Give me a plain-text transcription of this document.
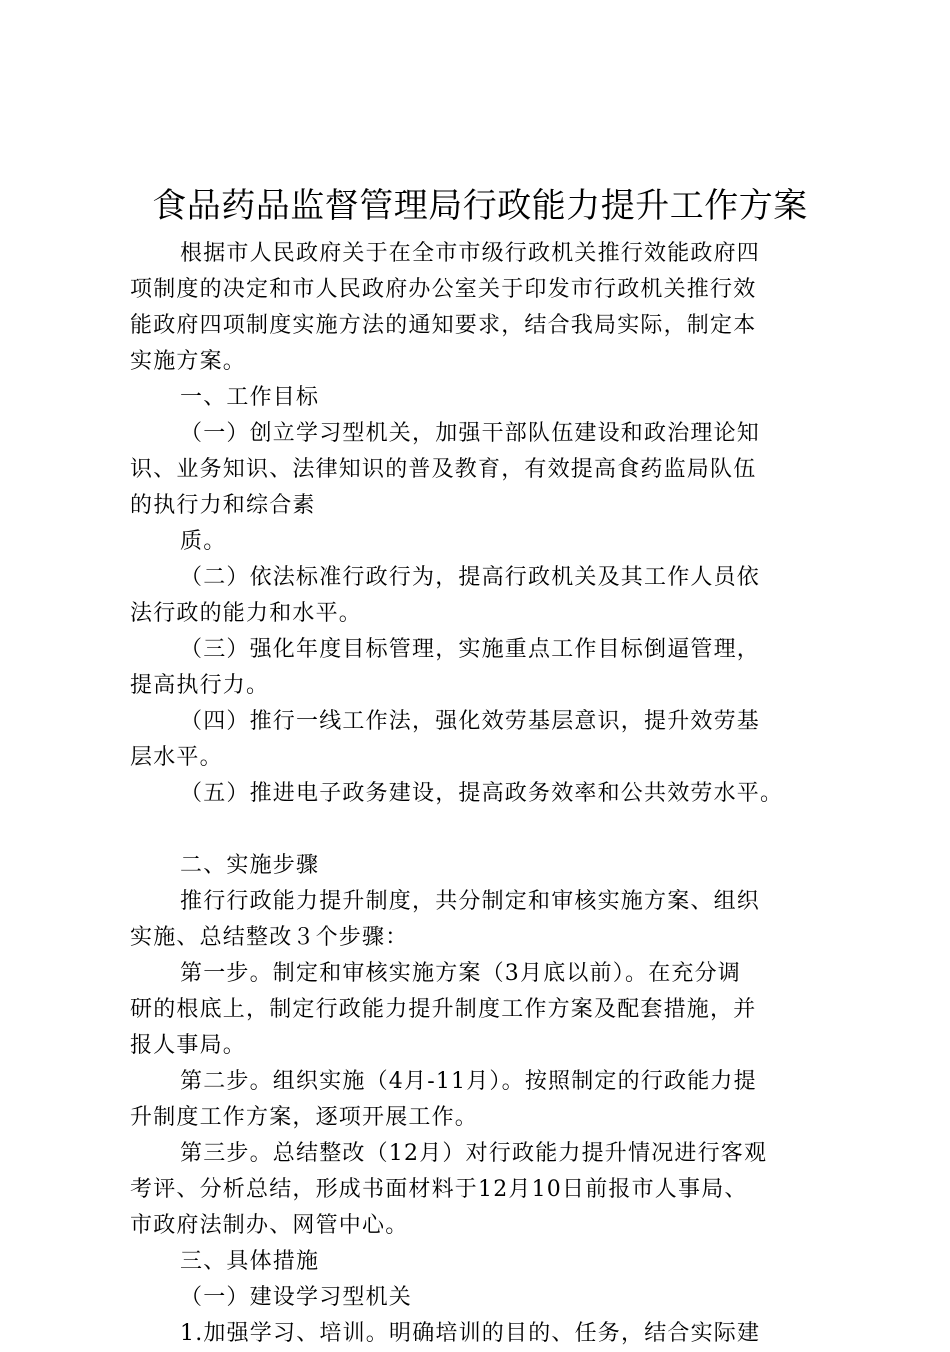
食品药品监督管理局行政能力提升工作方案
根据市人民政府关于在全市市级行政机关推行效能政府四
项制度的决定和市人民政府办公室关于印发市行政机关推行效
能政府四项制度实施方法的通知要求，结合我局实际，制定本
实施方案。
一、工作目标
（一）创立学习型机关，加强干部队伍建设和政治理论知
识、业务知识、法律知识的普及教育，有效提高食药监局队伍
的执行力和综合素
质。
（二）依法标准行政行为，提高行政机关及其工作人员依
法行政的能力和水平。
（三）强化年度目标管理，实施重点工作目标倒逼管理，
提高执行力。
（四）推行一线工作法，强化效劳基层意识，提升效劳基
层水平。
（五）推进电子政务建设，提高政务效率和公共效劳水平。
二、实施步骤
推行行政能力提升制度，共分制定和审核实施方案、组织
实施、总结整改３个步骤：
第一步。制定和审核实施方案（3月底以前）。在充分调
研的根底上，制定行政能力提升制度工作方案及配套措施，并
报人事局。
第二步。组织实施（4月-11月）。按照制定的行政能力提
升制度工作方案，逐项开展工作。
第三步。总结整改（12月）对行政能力提升情况进行客观
考评、分析总结，形成书面材料于12月10日前报市人事局、
市政府法制办、网管中心。
三、具体措施
（一）建设学习型机关
1.加强学习、培训。明确培训的目的、任务，结合实际建
